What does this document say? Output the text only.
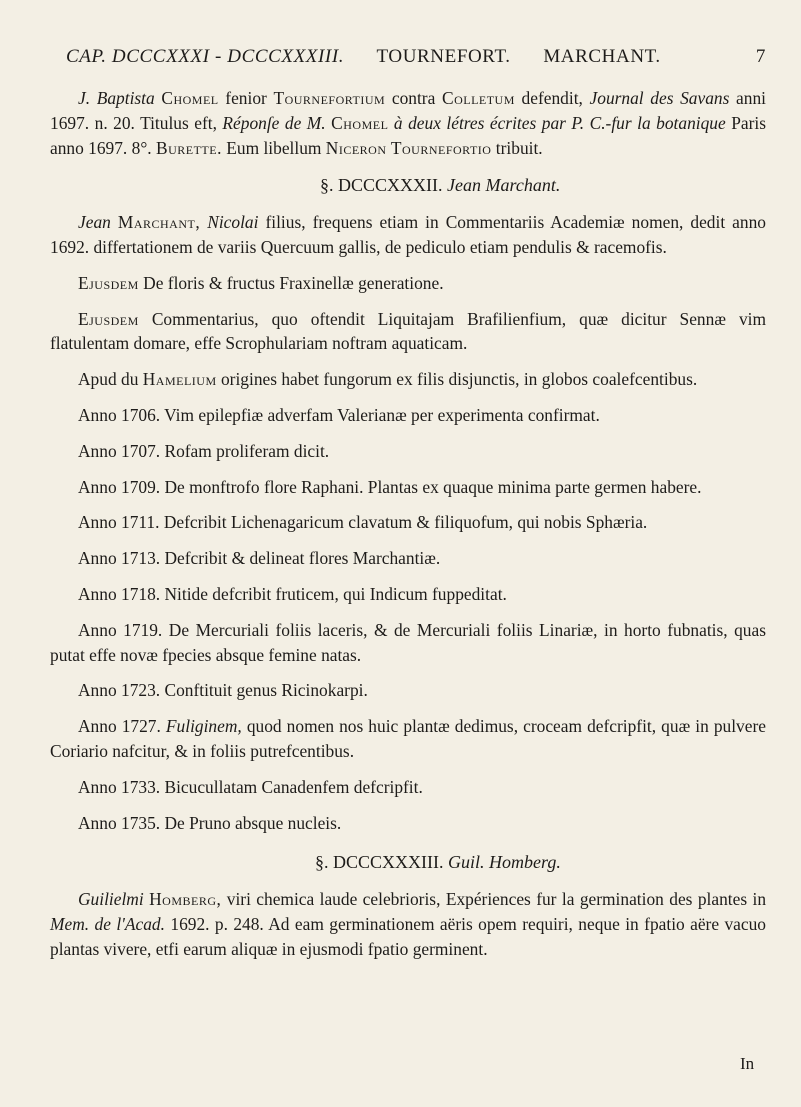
CAP. DCCCXXXI - DCCCXXXIII. TOURNEFORT. MARCHANT.	7

J. Baptista Chomel fenior Tournefortium contra Colletum defendit, Journal des Savans anni 1697. n. 20. Titulus eft, Réponſe de M. Chomel à deux létres écrites par P. C.-fur la botanique Paris anno 1697. 8°. Burette. Eum libellum Niceron Tournefortio tribuit.

§. DCCCXXXII. Jean Marchant.

Jean Marchant, Nicolai filius, frequens etiam in Commentariis Academiæ nomen, dedit anno 1692. differtationem de variis Quercuum gallis, de pediculo etiam pendulis & racemofis.

Ejusdem De floris & fructus Fraxinellæ generatione.

Ejusdem Commentarius, quo oftendit Liquitajam Brafilienfium, quæ dicitur Sennæ vim flatulentam domare, effe Scrophulariam noftram aquaticam.

Apud du Hamelium origines habet fungorum ex filis disjunctis, in globos coalefcentibus.

Anno 1706. Vim epilepfiæ adverfam Valerianæ per experimenta confirmat.

Anno 1707. Rofam proliferam dicit.

Anno 1709. De monftrofo flore Raphani. Plantas ex quaque minima parte germen habere.

Anno 1711. Defcribit Lichenagaricum clavatum & filiquofum, qui nobis Sphæria.

Anno 1713. Defcribit & delineat flores Marchantiæ.

Anno 1718. Nitide defcribit fruticem, qui Indicum fuppeditat.

Anno 1719. De Mercuriali foliis laceris, & de Mercuriali foliis Linariæ, in horto fubnatis, quas putat effe novæ fpecies absque femine natas.

Anno 1723. Conftituit genus Ricinokarpi.

Anno 1727. Fuliginem, quod nomen nos huic plantæ dedimus, croceam defcripfit, quæ in pulvere Coriario nafcitur, & in foliis putrefcentibus.

Anno 1733. Bicucullatam Canadenfem defcripfit.

Anno 1735. De Pruno absque nucleis.

§. DCCCXXXIII. Guil. Homberg.

Guilielmi Homberg, viri chemica laude celebrioris, Expériences fur la germination des plantes in Mem. de l'Acad. 1692. p. 248. Ad eam germinationem aëris opem requiri, neque in fpatio aëre vacuo plantas vivere, etfi earum aliquæ in ejusmodi fpatio germinent.

In
